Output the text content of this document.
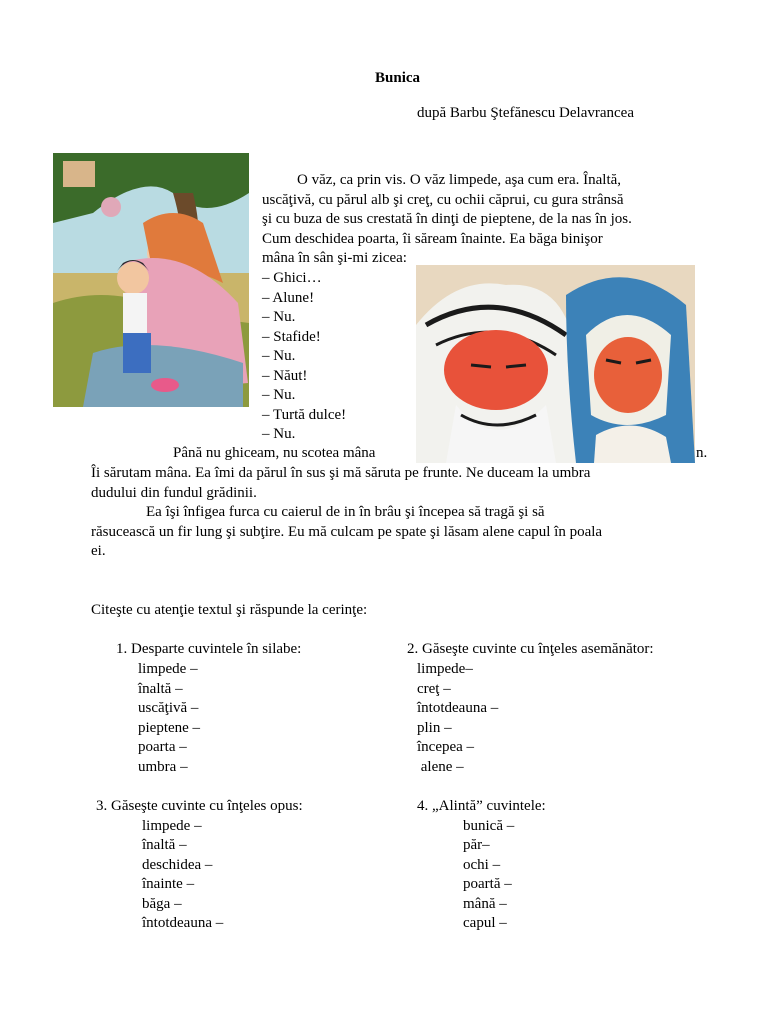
Bunica
după Barbu Ştefănescu Delavrancea
O văz, ca prin vis. O văz limpede, aşa cum era. Înaltă,
uscăţivă, cu părul alb şi creţ, cu ochii căprui, cu gura strânsă
şi cu buza de sus crestată în dinţi de pieptene, de la nas în jos.
Cum deschidea poarta, îi săream înainte. Ea băga binişor
mâna în sân şi-mi zicea:
– Ghici…
– Alune!
– Nu.
– Stafide!
– Nu.
– Năut!
– Nu.
– Turtă dulce!
– Nu.
Până nu ghiceam, nu scotea mâna	n.
Îi sărutam mâna. Ea îmi da părul în sus şi mă săruta pe frunte. Ne duceam la umbra
dudului din fundul grădinii.
Ea îşi înfigea furca cu caierul de in în brâu şi începea să tragă şi să
răsucească un fir lung şi subţire. Eu mă culcam pe spate şi lăsam alene capul în poala
ei.
Citeşte cu atenţie textul şi răspunde la cerinţe:
1. Desparte cuvintele în silabe:
limpede –
înaltă –
uscăţivă –
pieptene –
poarta –
umbra –
2. Găseşte cuvinte cu înţeles asemănător:
limpede–
creţ –
întotdeauna –
plin –
începea –
alene –
3. Găseşte cuvinte cu înţeles opus:
limpede –
înaltă –
deschidea –
înainte –
băga –
întotdeauna –
4. „Alintă” cuvintele:
bunică –
păr–
ochi –
poartă –
mână –
capul –
